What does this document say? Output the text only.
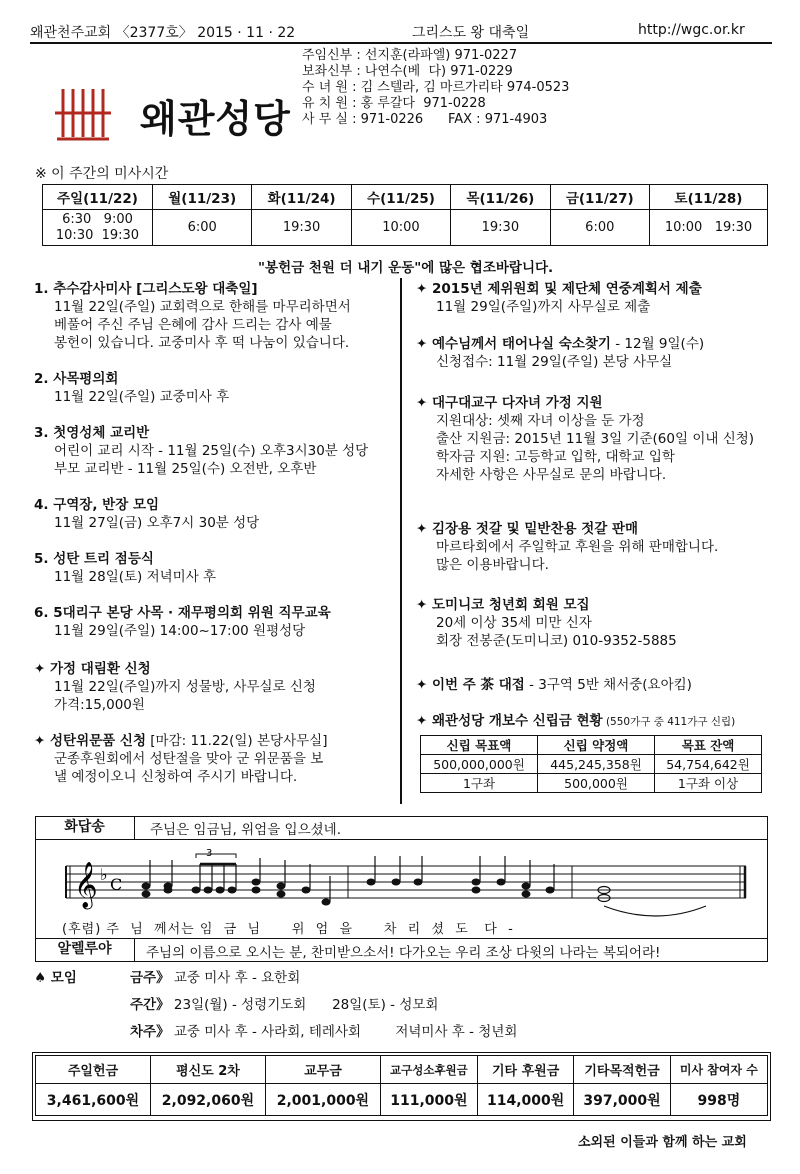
왜관천주교회 〈2377호〉 2015 · 11 · 22	그리스도 왕 대축일	http://wgc.or.kr
왜관성당
주임신부 : 선지훈(라파엘) 971-0227
보좌신부 : 나연수(베  다) 971-0229
수 녀 원 : 김 스텔라, 김 마르가리타 974-0523
유 치 원 : 홍 루갈다  971-0228
사 무 실 : 971-0226      FAX : 971-4903
※ 이 주간의 미사시간
주일(11/22)	월(11/23)	화(11/24)	수(11/25)	목(11/26)	금(11/27)	토(11/28)

6:30   9:00
10:30  19:30	6:00	19:30	10:00	19:30	6:00	10:00   19:30
"봉헌금 천원 더 내기 운동"에 많은 협조바랍니다.
1. 추수감사미사 [그리스도왕 대축일]
11월 22일(주일) 교회력으로 한해를 마무리하면서
베풀어 주신 주님 은혜에 감사 드리는 감사 예물
봉헌이 있습니다. 교중미사 후 떡 나눔이 있습니다.
2. 사목평의회
11월 22일(주일) 교중미사 후
3. 첫영성체 교리반
어린이 교리 시작 - 11월 25일(수) 오후3시30분 성당
부모 교리반 - 11월 25일(수) 오전반, 오후반
4. 구역장, 반장 모임
11월 27일(금) 오후7시 30분 성당
5. 성탄 트리 점등식
11월 28일(토) 저녁미사 후
6. 5대리구 본당 사목 · 재무평의회 위원 직무교육
11월 29일(주일) 14:00~17:00 원평성당
✦ 가정 대림환 신청
11월 22일(주일)까지 성물방, 사무실로 신청
가격:15,000원
✦ 성탄위문품 신청 [마감: 11.22(일) 본당사무실]
군종후원회에서 성탄절을 맞아 군 위문품을 보
낼 예정이오니 신청하여 주시기 바랍니다.
✦ 2015년 제위원회 및 제단체 연중계획서 제출
11월 29일(주일)까지 사무실로 제출
✦ 예수님께서 태어나실 숙소찾기 - 12월 9일(수)
신청접수: 11월 29일(주일) 본당 사무실
✦ 대구대교구 다자녀 가정 지원
지원대상: 셋째 자녀 이상을 둔 가정
출산 지원금: 2015년 11월 3일 기준(60일 이내 신청)
학자금 지원: 고등학교 입학, 대학교 입학
자세한 사항은 사무실로 문의 바랍니다.
✦ 김장용 젓갈 및 밑반찬용 젓갈 판매
마르타회에서 주일학교 후원을 위해 판매합니다.
많은 이용바랍니다.
✦ 도미니코 청년회 회원 모집
20세 이상 35세 미만 신자
회장 전봉준(도미니코) 010-9352-5885
✦ 이번 주 茶 대접 - 3구역 5반 채서중(요아킴)
✦ 왜관성당 개보수 신립금 현황 (550가구 중 411가구 신립)
신립 목표액	신립 약정액	목표 잔액
500,000,000원	445,245,358원	54,754,642원
1구좌	500,000원	1구좌 이상
화답송	주님은 임금님, 위엄을 입으셨네.
𝄞 ♭
C
3
(후렴) 주  님  께서는 임  금  님      위  엄  을      차  리  셨  도   다  -
알렐루야	주님의 이름으로 오시는 분, 찬미받으소서! 다가오는 우리 조상 다윗의 나라는 복되어라!
♠ 모임	금주》 교중 미사 후 - 요한회
주간》 23일(월) - 성령기도회      28일(토) - 성모회
차주》 교중 미사 후 - 사라회, 테레사회        저녁미사 후 - 청년회
주일헌금	평신도 2차	교무금	교구성소후원금	기타 후원금	기타목적헌금	미사 참여자 수
3,461,600원	2,092,060원	2,001,000원	111,000원	114,000원	397,000원	998명
소외된 이들과 함께 하는 교회
